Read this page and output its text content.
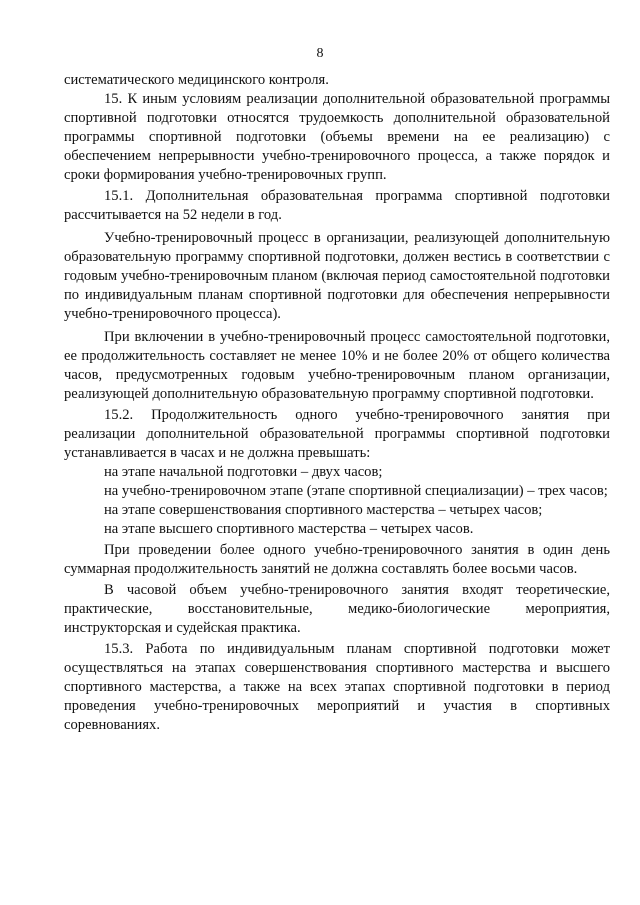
8

систематического медицинского контроля.

15. К иным условиям реализации дополнительной образовательной программы спортивной подготовки относятся трудоемкость дополнительной образовательной программы спортивной подготовки (объемы времени на ее реализацию) с обеспечением непрерывности учебно-тренировочного процесса, а также порядок и сроки формирования учебно-тренировочных групп.

15.1. Дополнительная образовательная программа спортивной подготовки рассчитывается на 52 недели в год.

Учебно-тренировочный процесс в организации, реализующей дополнительную образовательную программу спортивной подготовки, должен вестись в соответствии с годовым учебно-тренировочным планом (включая период самостоятельной подготовки по индивидуальным планам спортивной подготовки для обеспечения непрерывности учебно-тренировочного процесса).

При включении в учебно-тренировочный процесс самостоятельной подготовки, ее продолжительность составляет не менее 10% и не более 20% от общего количества часов, предусмотренных годовым учебно-тренировочным планом организации, реализующей дополнительную образовательную программу спортивной подготовки.

15.2. Продолжительность одного учебно-тренировочного занятия при реализации дополнительной образовательной программы спортивной подготовки устанавливается в часах и не должна превышать:

на этапе начальной подготовки – двух часов;

на учебно-тренировочном этапе (этапе спортивной специализации) – трех часов;

на этапе совершенствования спортивного мастерства – четырех часов;

на этапе высшего спортивного мастерства – четырех часов.

При проведении более одного учебно-тренировочного занятия в один день суммарная продолжительность занятий не должна составлять более восьми часов.

В часовой объем учебно-тренировочного занятия входят теоретические, практические, восстановительные, медико-биологические мероприятия, инструкторская и судейская практика.

15.3. Работа по индивидуальным планам спортивной подготовки может осуществляться на этапах совершенствования спортивного мастерства и высшего спортивного мастерства, а также на всех этапах спортивной подготовки в период проведения учебно-тренировочных мероприятий и участия в спортивных соревнованиях.
